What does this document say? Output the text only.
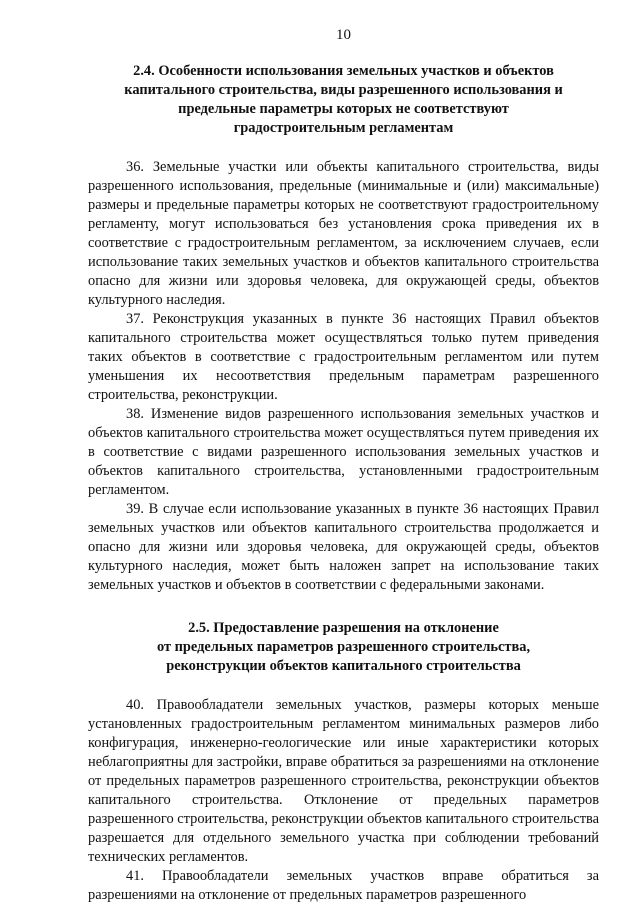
10
2.4. Особенности использования земельных участков и объектов
капитального строительства, виды разрешенного использования и
предельные параметры которых не соответствуют
градостроительным регламентам

36. Земельные участки или объекты капитального строительства, виды разрешенного использования, предельные (минимальные и (или) максимальные) размеры и предельные параметры которых не соответствуют градостроительному регламенту, могут использоваться без установления срока приведения их в соответствие с градостроительным регламентом, за исключением случаев, если использование таких земельных участков и объектов капитального строительства опасно для жизни или здоровья человека, для окружающей среды, объектов культурного наследия.

37. Реконструкция указанных в пункте 36 настоящих Правил объектов капитального строительства может осуществляться только путем приведения таких объектов в соответствие с градостроительным регламентом или путем уменьшения их несоответствия предельным параметрам разрешенного строительства, реконструкции.

38. Изменение видов разрешенного использования земельных участков и объектов капитального строительства может осуществляться путем приведения их в соответствие с видами разрешенного использования земельных участков и объектов капитального строительства, установленными градостроительным регламентом.

39. В случае если использование указанных в пункте 36 настоящих Правил земельных участков или объектов капитального строительства продолжается и опасно для жизни или здоровья человека, для окружающей среды, объектов культурного наследия, может быть наложен запрет на использование таких земельных участков и объектов в соответствии с федеральными законами.

2.5. Предоставление разрешения на отклонение
от предельных параметров разрешенного строительства,
реконструкции объектов капитального строительства

40. Правообладатели земельных участков, размеры которых меньше установленных градостроительным регламентом минимальных размеров либо конфигурация, инженерно-геологические или иные характеристики которых неблагоприятны для застройки, вправе обратиться за разрешениями на отклонение от предельных параметров разрешенного строительства, реконструкции объектов капитального строительства. Отклонение от предельных параметров разрешенного строительства, реконструкции объектов капитального строительства разрешается для отдельного земельного участка при соблюдении требований технических регламентов.

41. Правообладатели земельных участков вправе обратиться за разрешениями на отклонение от предельных параметров разрешенного
